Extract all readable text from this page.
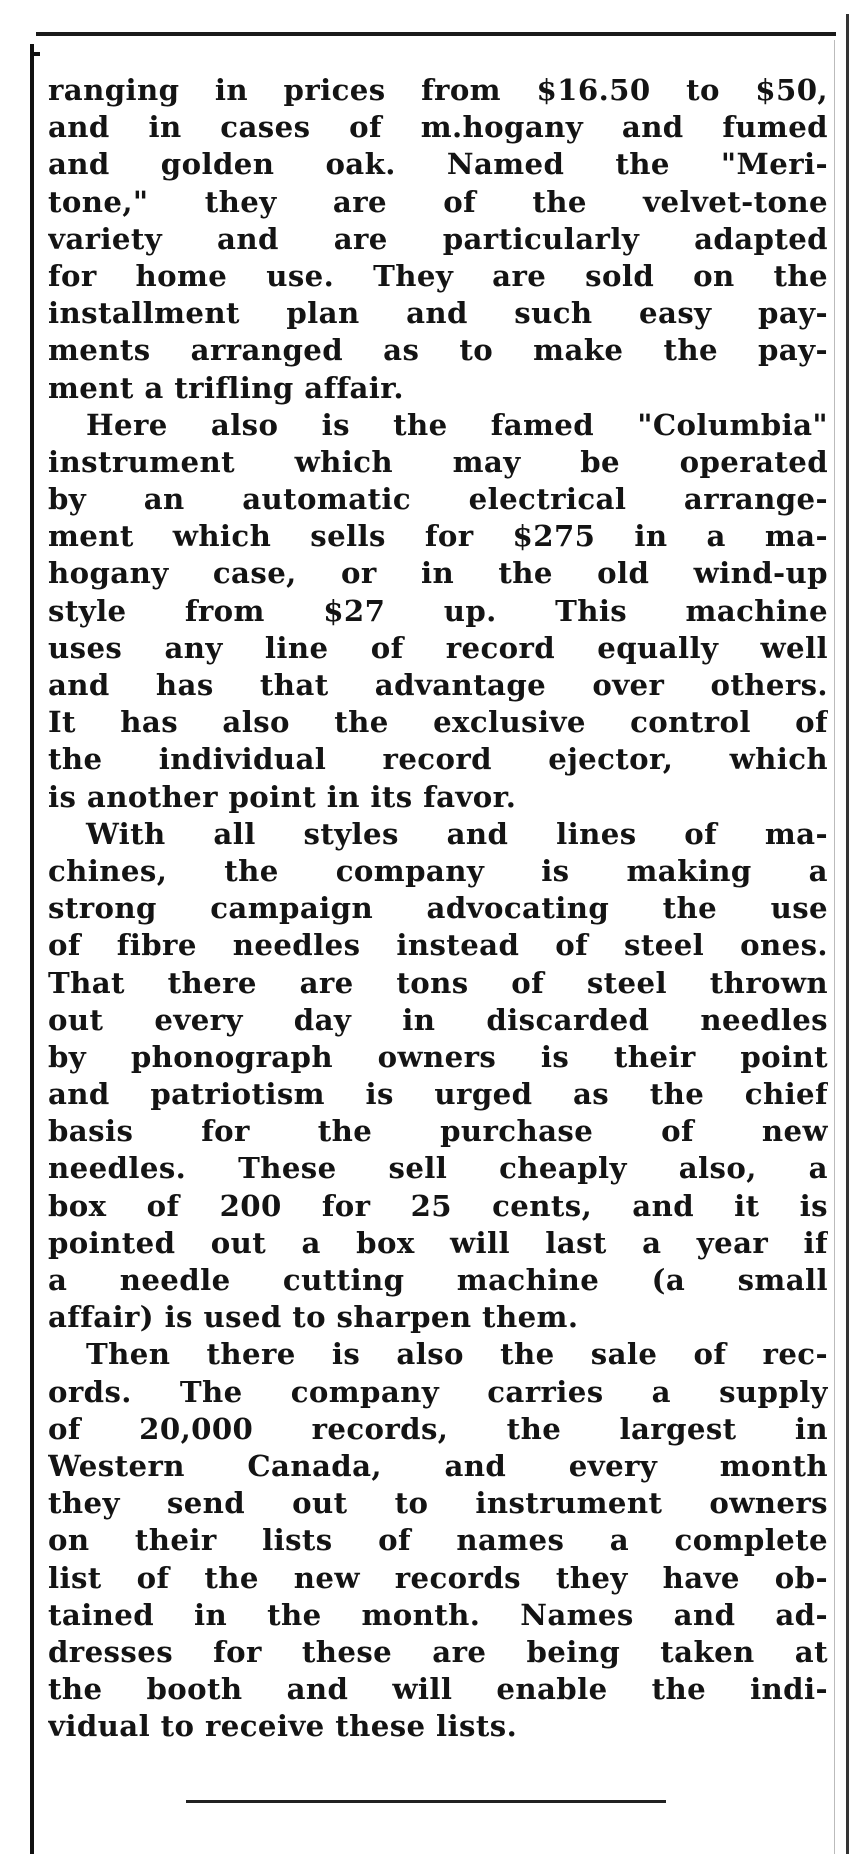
ranging in prices from $16.50 to $50,
and in cases of m.hogany and fumed
and golden oak. Named the "Meri-
tone," they are of the velvet-tone
variety and are particularly adapted
for home use. They are sold on the
installment plan and such easy pay-
ments arranged as to make the pay-
ment a trifling affair.
Here also is the famed "Columbia"
instrument which may be operated
by an automatic electrical arrange-
ment which sells for $275 in a ma-
hogany case, or in the old wind-up
style from $27 up. This machine
uses any line of record equally well
and has that advantage over others.
It has also the exclusive control of
the individual record ejector, which
is another point in its favor.
With all styles and lines of ma-
chines, the company is making a
strong campaign advocating the use
of fibre needles instead of steel ones.
That there are tons of steel thrown
out every day in discarded needles
by phonograph owners is their point
and patriotism is urged as the chief
basis for the purchase of new
needles. These sell cheaply also, a
box of 200 for 25 cents, and it is
pointed out a box will last a year if
a needle cutting machine (a small
affair) is used to sharpen them.
Then there is also the sale of rec-
ords. The company carries a supply
of 20,000 records, the largest in
Western Canada, and every month
they send out to instrument owners
on their lists of names a complete
list of the new records they have ob-
tained in the month. Names and ad-
dresses for these are being taken at
the booth and will enable the indi-
vidual to receive these lists.
